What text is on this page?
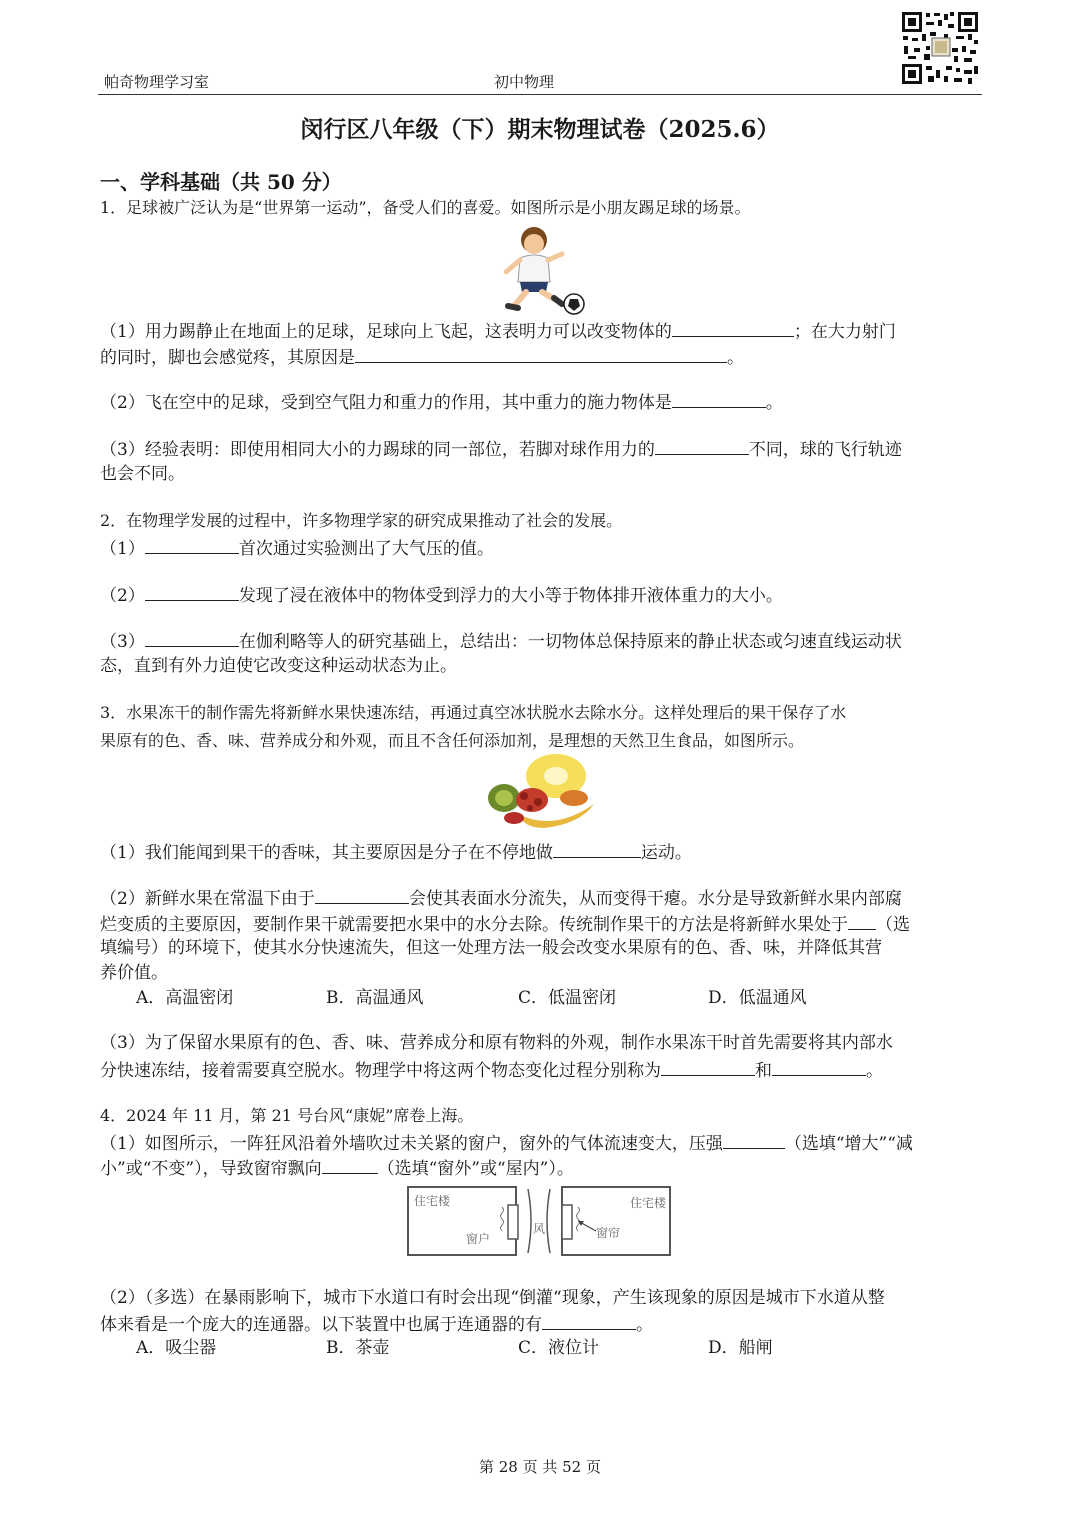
帕奇物理学习室	初中物理
闵行区八年级（下）期末物理试卷（2025.6）
一、学科基础（共 50 分）
1．足球被广泛认为是“世界第一运动”，备受人们的喜爱。如图所示是小朋友踢足球的场景。
（1）用力踢静止在地面上的足球，足球向上飞起，这表明力可以改变物体的	；在大力射门
的同时，脚也会感觉疼，其原因是	。
（2）飞在空中的足球，受到空气阻力和重力的作用，其中重力的施力物体是	。
（3）经验表明：即使用相同大小的力踢球的同一部位，若脚对球作用力的	不同，球的飞行轨迹
也会不同。
2．在物理学发展的过程中，许多物理学家的研究成果推动了社会的发展。
（1）	首次通过实验测出了大气压的值。
（2）	发现了浸在液体中的物体受到浮力的大小等于物体排开液体重力的大小。
（3）	在伽利略等人的研究基础上，总结出：一切物体总保持原来的静止状态或匀速直线运动状
态，直到有外力迫使它改变这种运动状态为止。
3．水果冻干的制作需先将新鲜水果快速冻结，再通过真空冰状脱水去除水分。这样处理后的果干保存了水
果原有的色、香、味、营养成分和外观，而且不含任何添加剂，是理想的天然卫生食品，如图所示。
（1）我们能闻到果干的香味，其主要原因是分子在不停地做	运动。
（2）新鲜水果在常温下由于	会使其表面水分流失，从而变得干瘪。水分是导致新鲜水果内部腐
烂变质的主要原因，要制作果干就需要把水果中的水分去除。传统制作果干的方法是将新鲜水果处于 （选
填编号）的环境下，使其水分快速流失，但这一处理方法一般会改变水果原有的色、香、味，并降低其营
养价值。
A．高温密闭	B．高温通风	C．低温密闭	D．低温通风
（3）为了保留水果原有的色、香、味、营养成分和原有物料的外观，制作水果冻干时首先需要将其内部水
分快速冻结，接着需要真空脱水。物理学中将这两个物态变化过程分别称为	和	。
4．2024 年 11 月，第 21 号台风“康妮”席卷上海。
（1）如图所示，一阵狂风沿着外墙吹过未关紧的窗户，窗外的气体流速变大，压强	（选填“增大”“减
小”或“不变”），导致窗帘飘向	（选填“窗外”或“屋内”）。
住宅楼
窗户
风	窗帘
住宅楼
（2）（多选）在暴雨影响下，城市下水道口有时会出现“倒灌“现象，产生该现象的原因是城市下水道从整
体来看是一个庞大的连通器。以下装置中也属于连通器的有	。
A．吸尘器	B．茶壶	C．液位计	D．船闸
第 28 页 共 52 页
